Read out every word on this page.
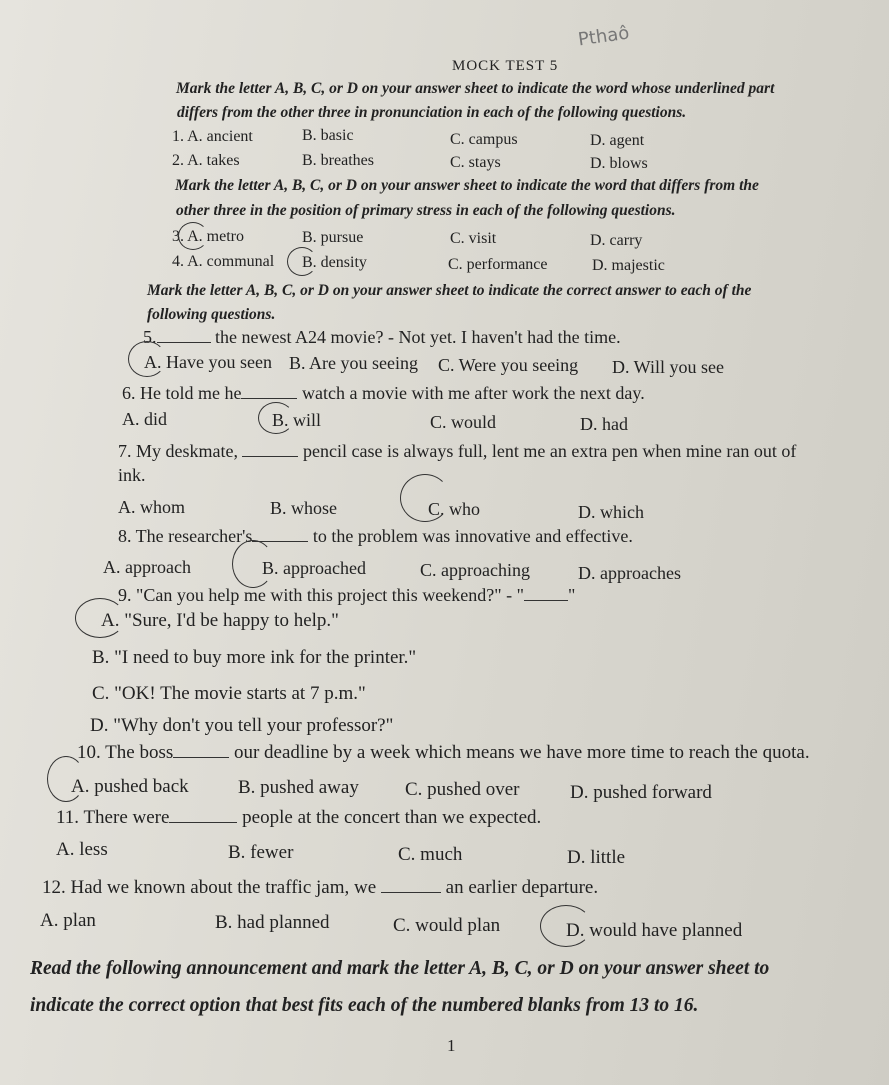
Pthaô
MOCK TEST 5
Mark the letter A, B, C, or D on your answer sheet to indicate the word whose underlined part
differs from the other three in pronunciation in each of the following questions.
1. A. ancient	B. basic	C. campus	D. agent
2. A. takes	B. breathes	C. stays	D. blows
Mark the letter A, B, C, or D on your answer sheet to indicate the word that differs from the
other three in the position of primary stress in each of the following questions.
3. A. metro	B. pursue	C. visit	D. carry
4. A. communal B. density	C. performance	D. majestic
Mark the letter A, B, C, or D on your answer sheet to indicate the correct answer to each of the
following questions.
5.	the newest A24 movie? - Not yet. I haven't had the time.
A. Have you seen B. Are you seeing C. Were you seeing D. Will you see
6. He told me he	watch a movie with me after work the next day.
A. did	B. will	C. would	D. had
7. My deskmate,	pencil case is always full, lent me an extra pen when mine ran out of
ink.
A. whom	B. whose	C. who	D. which
8. The researcher's	to the problem was innovative and effective.
A. approach	B. approached	C. approaching	D. approaches
9. "Can you help me with this project this weekend?" - " "
A. "Sure, I'd be happy to help."
B. "I need to buy more ink for the printer."
C. "OK! The movie starts at 7 p.m."
D. "Why don't you tell your professor?"
10. The boss	our deadline by a week which means we have more time to reach the quota.
A. pushed back	B. pushed away C. pushed over	D. pushed forward
11. There were	people at the concert than we expected.
A. less	B. fewer	C. much	D. little
12. Had we known about the traffic jam, we	an earlier departure.
A. plan	B. had planned	C. would plan	D. would have planned
Read the following announcement and mark the letter A, B, C, or D on your answer sheet to
indicate the correct option that best fits each of the numbered blanks from 13 to 16.
1
